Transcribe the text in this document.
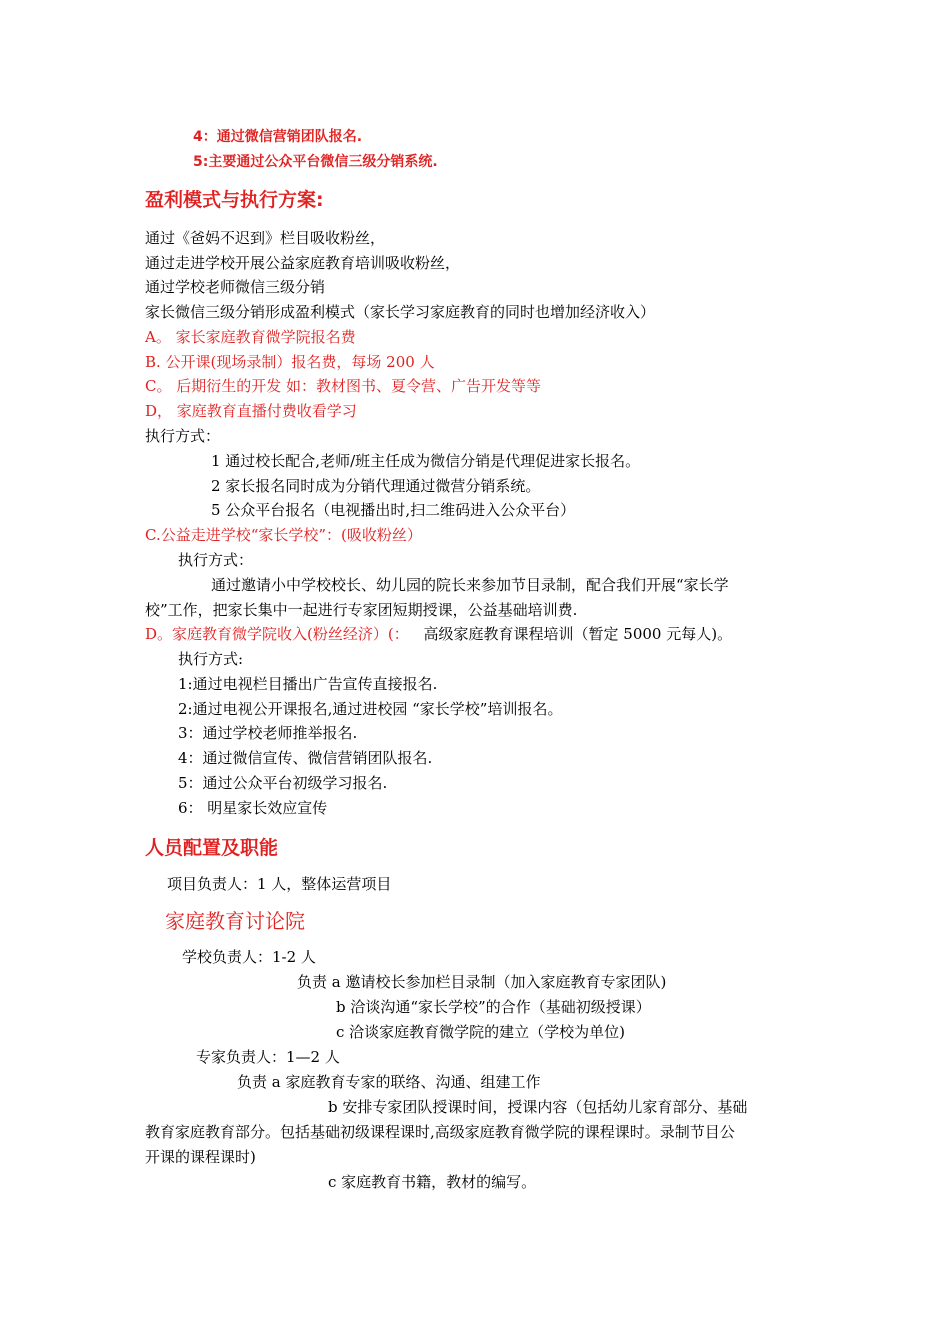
4：通过微信营销团队报名.
5:主要通过公众平台微信三级分销系统.
盈利模式与执行方案:
通过《爸妈不迟到》栏目吸收粉丝，
通过走进学校开展公益家庭教育培训吸收粉丝，
通过学校老师微信三级分销
家长微信三级分销形成盈利模式（家长学习家庭教育的同时也增加经济收入）
A。 家长家庭教育微学院报名费
B. 公开课(现场录制）报名费，每场 200 人
C。 后期衍生的开发 如：教材图书、夏令营、广告开发等等
D， 家庭教育直播付费收看学习
执行方式：
1 通过校长配合,老师/班主任成为微信分销是代理促进家长报名。
2 家长报名同时成为分销代理通过微营分销系统。
5 公众平台报名（电视播出时,扫二维码进入公众平台）
C.公益走进学校“家长学校”：(吸收粉丝）
执行方式：
通过邀请小中学校校长、幼儿园的院长来参加节目录制，配合我们开展“家长学
校”工作，把家长集中一起进行专家团短期授课，公益基础培训费.
D。家庭教育微学院收入(粉丝经济）(： 高级家庭教育课程培训（暂定 5000 元每人)。
执行方式:
1:通过电视栏目播出广告宣传直接报名.
2:通过电视公开课报名,通过进校园 “家长学校”培训报名。
3：通过学校老师推举报名.
4：通过微信宣传、微信营销团队报名.
5：通过公众平台初级学习报名.
6： 明星家长效应宣传
人员配置及职能
项目负责人：1 人，整体运营项目
家庭教育讨论院
学校负责人：1-2 人
负责 a 邀请校长参加栏目录制（加入家庭教育专家团队)
b 洽谈沟通“家长学校”的合作（基础初级授课）
c 洽谈家庭教育微学院的建立（学校为单位)
专家负责人：1—2 人
负责 a 家庭教育专家的联络、沟通、组建工作
b 安排专家团队授课时间，授课内容（包括幼儿家育部分、基础
教育家庭教育部分。包括基础初级课程课时,高级家庭教育微学院的课程课时。录制节目公
开课的课程课时)
c 家庭教育书籍，教材的编写。
